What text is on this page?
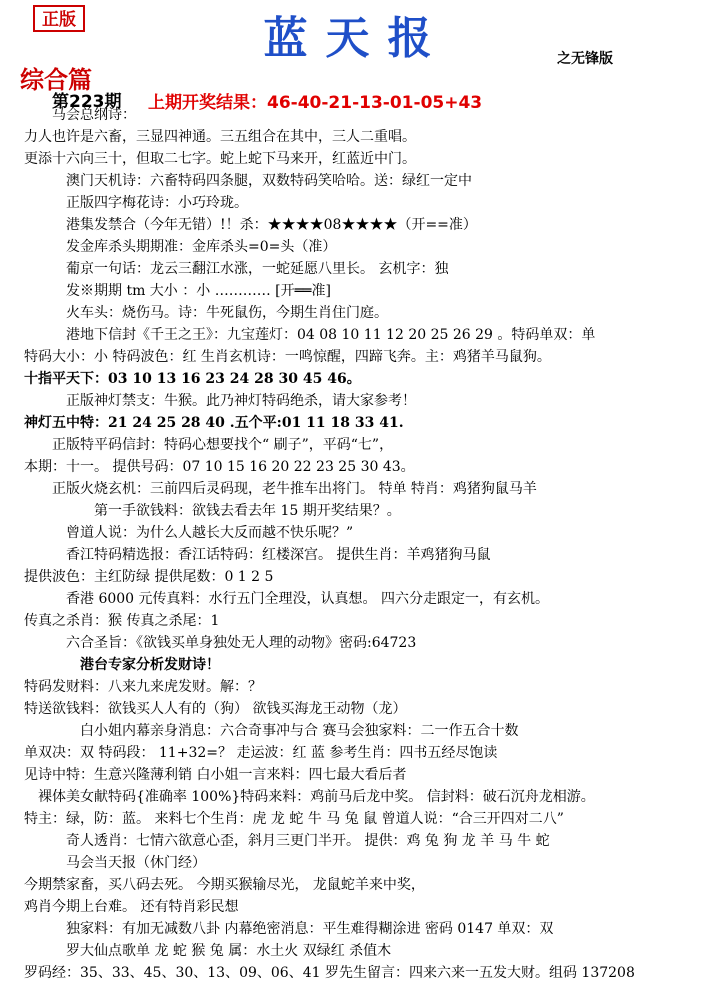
正版	蓝天报	之无锋版
综合篇
第223期 上期开奖结果：46-40-21-13-01-05+43
马会总纲诗：
力人也许是六畜，三显四神通。三五组合在其中，三人二重唱。
更添十六向三十，但取二七字。蛇上蛇下马来开，红蓝近中门。
澳门天机诗：六畜特码四条腿，双数特码笑哈哈。送：绿红一定中
正版四字梅花诗：小巧玲珑。
港集发禁合（今年无错）!！杀：★★★★08★★★★（开==准）
发金库杀头期期准：金库杀头=0=头（准）
葡京一句话：龙云三翻江水涨，一蛇延愿八里长。 玄机字：独
发※期期 tm 大小 ：小 ………… [开══准]
火车头：烧伤马。诗：牛死鼠伤，今期生肖住门庭。
港地下信封《千王之王》：九宝莲灯：04 08 10 11 12 20 25 26 29 。特码单双：单
特码大小：小 特码波色：红 生肖玄机诗：一鸣惊醒，四蹄飞奔。主：鸡猪羊马鼠狗。
十指平天下：03 10 13 16 23 24 28 30 45 46。
正版神灯禁支：牛猴。此乃神灯特码绝杀，请大家参考！
神灯五中特：21 24 25 28 40 .五个平:01 11 18 33 41.
正版特平码信封：特码心想要找个“ 刷子”，平码“七”，
本期：十一。 提供号码：07 10 15 16 20 22 23 25 30 43。
正版火烧玄机：三前四后灵码现，老牛推车出将门。 特单 特肖：鸡猪狗鼠马羊
第一手欲钱料：欲钱去看去年 15 期开奖结果？。
曾道人说：为什么人越长大反而越不快乐呢？”
香江特码精选报：香江话特码：红楼深宫。 提供生肖：羊鸡猪狗马鼠
提供波色：主红防绿 提供尾数：0 1 2 5
香港 6000 元传真料：水行五门全理没，认真想。 四六分走跟定一，有玄机。
传真之杀肖：猴 传真之杀尾：1
六合圣旨：《欲钱买单身独处无人理的动物》密码:64723
港台专家分析发财诗！
特码发财料：八来九来虎发财。解：？
特送欲钱料：欲钱买人人有的（狗） 欲钱买海龙王动物（龙）
白小姐内幕亲身消息：六合奇事冲与合 赛马会独家料：二一作五合十数
单双决：双 特码段： 11+32=？ 走运波：红 蓝 参考生肖：四书五经尽饱读
见诗中特：生意兴隆薄利销 白小姐一言来料：四七最大看后者
裸体美女献特码{准确率 100%}特码来料：鸡前马后龙中奖。 信封料：破石沉舟龙相游。
特主：绿，防：蓝。 来料七个生肖：虎 龙 蛇 牛 马 兔 鼠 曾道人说：“合三开四对二八”
奇人透肖：七情六欲意心歪，斜月三更门半开。 提供：鸡 兔 狗 龙 羊 马 牛 蛇
马会当天报（休门经）
今期禁家畜，买八码去死。 今期买猴输尽光， 龙鼠蛇羊来中奖，
鸡肖今期上台难。 还有特肖彩民想
独家料：有加无减数八卦 内幕绝密消息：平生难得糊涂进 密码 0147 单双：双
罗大仙点歌单 龙 蛇 猴 兔 属：水土火 双绿红 杀值木
罗码经：35、33、45、30、13、09、06、41 罗先生留言：四来六来一五发大财。组码 137208
